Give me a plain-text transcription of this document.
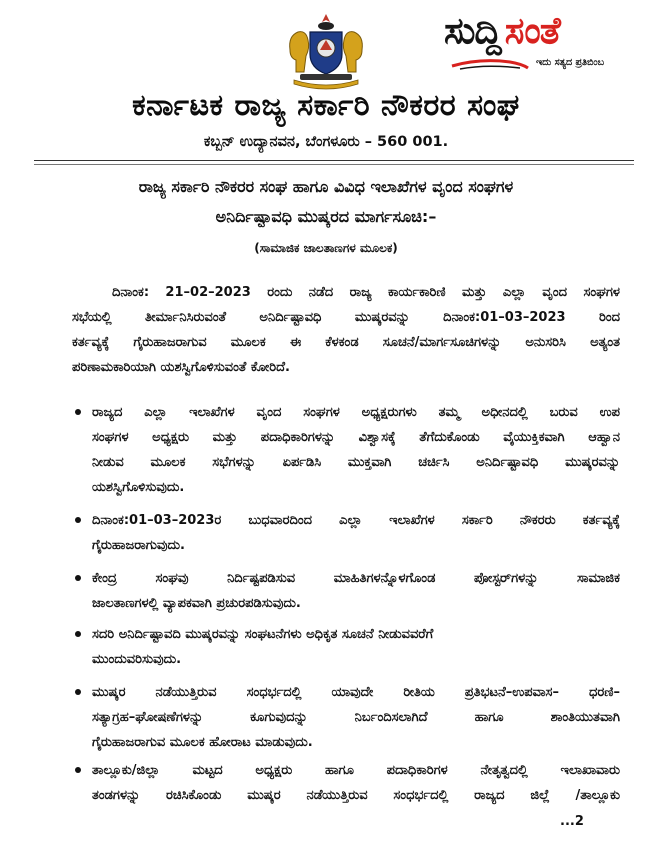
ಸುದ್ದಿ ಸಂತೆ
ಇದು ಸತ್ಯದ ಪ್ರತಿಬಿಂಬ
ಕರ್ನಾಟಕ ರಾಜ್ಯ ಸರ್ಕಾರಿ ನೌಕರರ ಸಂಘ
ಕಬ್ಬನ್ ಉದ್ಯಾನವನ, ಬೆಂಗಳೂರು – 560 001.
ರಾಜ್ಯ ಸರ್ಕಾರಿ ನೌಕರರ ಸಂಘ ಹಾಗೂ ವಿವಿಧ ಇಲಾಖೆಗಳ ವೃಂದ ಸಂಘಗಳ
ಅನಿರ್ದಿಷ್ಟಾವಧಿ ಮುಷ್ಕರದ ಮಾರ್ಗಸೂಚಿ:–
(ಸಾಮಾಜಿಕ ಜಾಲತಾಣಗಳ ಮೂಲಕ)
ದಿನಾಂಕ: 21–02–2023 ರಂದು ನಡೆದ ರಾಜ್ಯ ಕಾರ್ಯಕಾರಿಣಿ ಮತ್ತು ಎಲ್ಲಾ ವೃಂದ ಸಂಘಗಳ
ಸಭೆಯಲ್ಲಿ ತೀರ್ಮಾನಿಸಿರುವಂತೆ ಅನಿರ್ದಿಷ್ಟಾವಧಿ ಮುಷ್ಕರವನ್ನು ದಿನಾಂಕ:01–03–2023 ರಿಂದ
ಕರ್ತವ್ಯಕ್ಕೆ ಗೈರುಹಾಜರಾಗುವ ಮೂಲಕ ಈ ಕೆಳಕಂಡ ಸೂಚನೆ/ಮಾರ್ಗಸೂಚಿಗಳನ್ನು ಅನುಸರಿಸಿ ಅತ್ಯಂತ
ಪರಿಣಾಮಕಾರಿಯಾಗಿ ಯಶಸ್ವಿಗೊಳಿಸುವಂತೆ ಕೋರಿದೆ.
ರಾಜ್ಯದ ಎಲ್ಲಾ ಇಲಾಖೆಗಳ ವೃಂದ ಸಂಘಗಳ ಅಧ್ಯಕ್ಷರುಗಳು ತಮ್ಮ ಅಧೀನದಲ್ಲಿ ಬರುವ ಉಪ
ಸಂಘಗಳ ಅಧ್ಯಕ್ಷರು ಮತ್ತು ಪದಾಧಿಕಾರಿಗಳನ್ನು ವಿಶ್ವಾಸಕ್ಕೆ ತೆಗೆದುಕೊಂಡು ವೈಯುಕ್ತಿಕವಾಗಿ ಆಹ್ವಾನ
ನೀಡುವ ಮೂಲಕ ಸಭೆಗಳನ್ನು ಏರ್ಪಡಿಸಿ ಮುಕ್ತವಾಗಿ ಚರ್ಚಿಸಿ ಅನಿರ್ದಿಷ್ಟಾವಧಿ ಮುಷ್ಕರವನ್ನು
ಯಶಸ್ವಿಗೊಳಿಸುವುದು.
ದಿನಾಂಕ:01–03–2023ರ ಬುಧವಾರದಿಂದ ಎಲ್ಲಾ ಇಲಾಖೆಗಳ ಸರ್ಕಾರಿ ನೌಕರರು ಕರ್ತವ್ಯಕ್ಕೆ
ಗೈರುಹಾಜರಾಗುವುದು.
ಕೇಂದ್ರ ಸಂಘವು ನಿರ್ದಿಷ್ಟಪಡಿಸುವ ಮಾಹಿತಿಗಳನ್ನೊಳಗೊಂಡ ಪೋಸ್ಟರ್‌ಗಳನ್ನು ಸಾಮಾಜಿಕ
ಜಾಲತಾಣಗಳಲ್ಲಿ ವ್ಯಾಪಕವಾಗಿ ಪ್ರಚುರಪಡಿಸುವುದು.
ಸದರಿ ಅನಿರ್ದಿಷ್ಟಾವದಿ ಮುಷ್ಕರವನ್ನು ಸಂಘಟನೆಗಳು ಅಧಿಕೃತ ಸೂಚನೆ ನೀಡುವವರೆಗೆ
ಮುಂದುವರಿಸುವುದು.
ಮುಷ್ಕರ ನಡೆಯುತ್ತಿರುವ ಸಂಧರ್ಭದಲ್ಲಿ ಯಾವುದೇ ರೀತಿಯ ಪ್ರತಿಭಟನೆ–ಉಪವಾಸ– ಧರಣಿ–
ಸತ್ಯಾಗ್ರಹ–ಘೋಷಣೆಗಳನ್ನು ಕೂಗುವುದನ್ನು ನಿರ್ಬಂದಿಸಲಾಗಿದೆ ಹಾಗೂ ಶಾಂತಿಯುತವಾಗಿ
ಗೈರುಹಾಜರಾಗುವ ಮೂಲಕ ಹೋರಾಟ ಮಾಡುವುದು.
ತಾಲ್ಲೂಕು/ಜಿಲ್ಲಾ ಮಟ್ಟದ ಅಧ್ಯಕ್ಷರು ಹಾಗೂ ಪದಾಧಿಕಾರಿಗಳ ನೇತೃತ್ವದಲ್ಲಿ ಇಲಾಖಾವಾರು
ತಂಡಗಳನ್ನು ರಚಿಸಿಕೊಂಡು ಮುಷ್ಕರ ನಡೆಯುತ್ತಿರುವ ಸಂಧರ್ಭದಲ್ಲಿ ರಾಜ್ಯದ ಜಿಲ್ಲೆ /ತಾಲ್ಲೂಕು
...2
